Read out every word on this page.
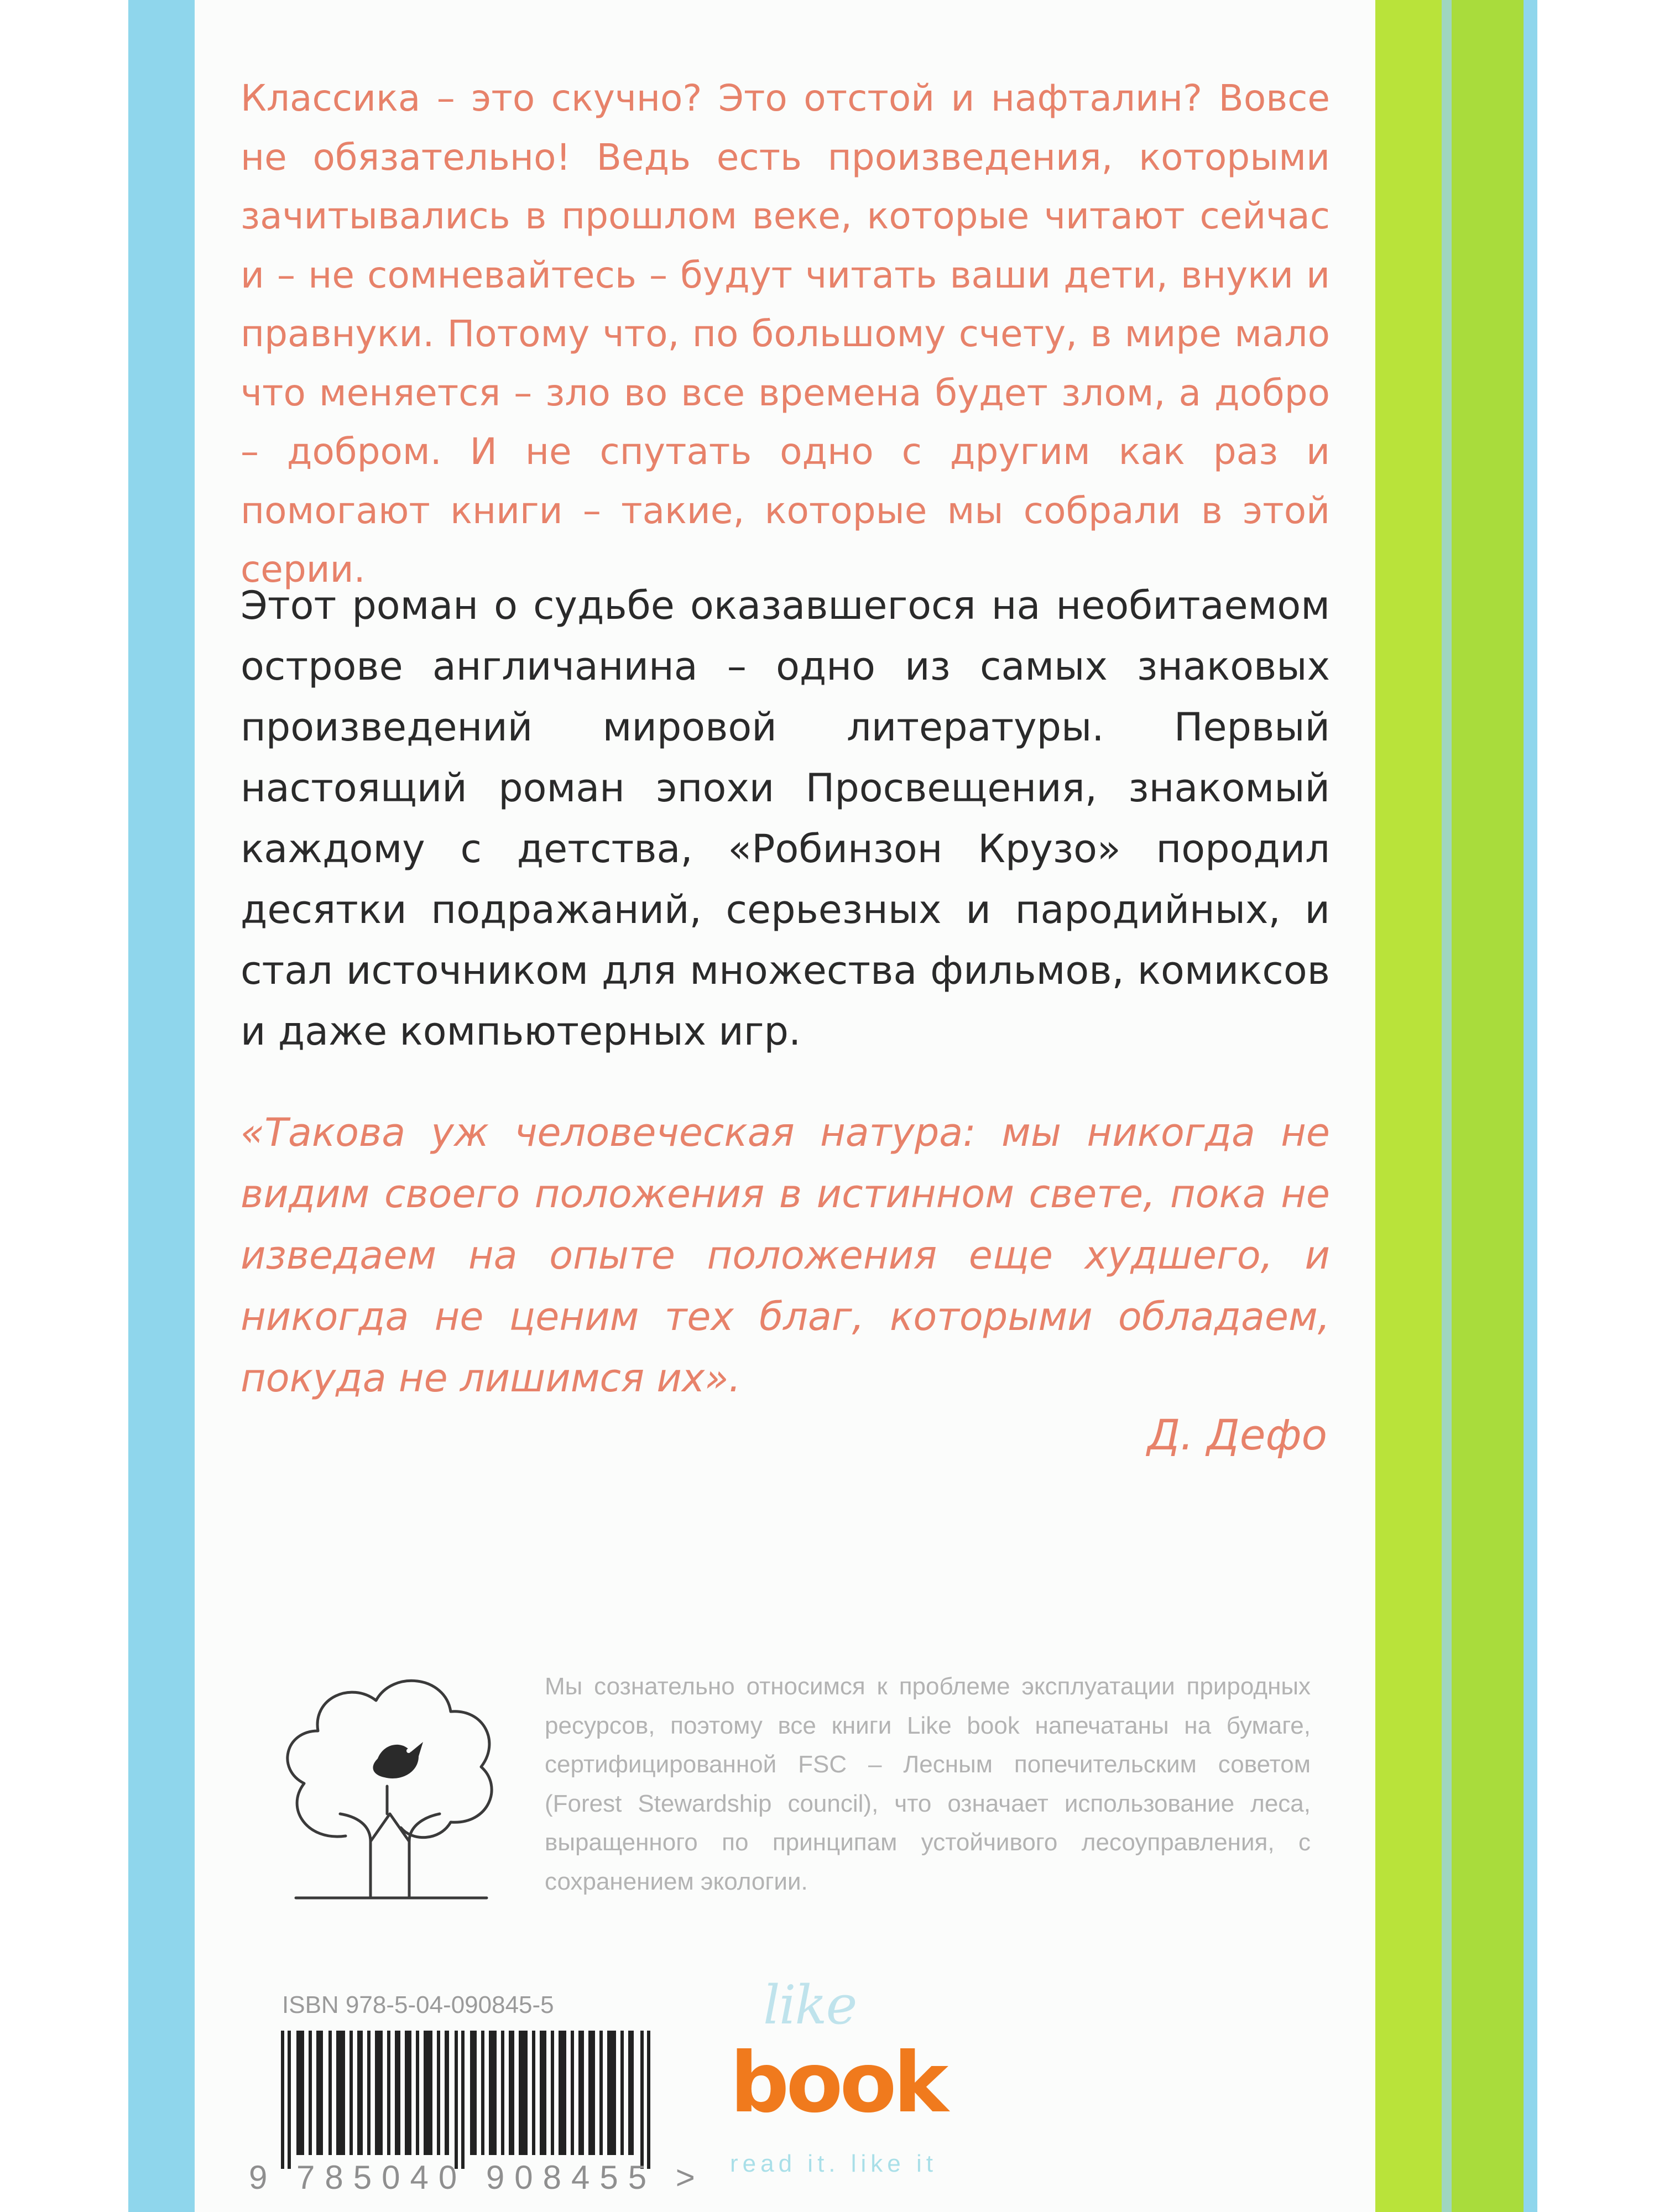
Классика – это скучно? Это отстой и нафталин? Вовсе не обязательно! Ведь есть произведения, которыми зачитывались в прошлом веке, которые читают сейчас и – не сомневайтесь – будут читать ваши дети, внуки и правнуки. Потому что, по большому счету, в мире мало что меняется – зло во все времена будет злом, а добро – добром. И не спутать одно с другим как раз и помогают книги – такие, которые мы собрали в этой серии.

Этот роман о судьбе оказавшегося на необитаемом острове англичанина – одно из самых знаковых произведений мировой литературы. Первый настоящий роман эпохи Просвещения, знакомый каждому с детства, «Робинзон Крузо» породил десятки подражаний, серьезных и пародийных, и стал источником для множества фильмов, комиксов и даже компьютерных игр.

«Такова уж человеческая натура: мы никогда не видим своего положения в истинном свете, пока не изведаем на опыте положения еще худшего, и никогда не ценим тех благ, которыми обладаем, покуда не лишимся их».

Д. Дефо

Мы сознательно относимся к проблеме эксплуатации природных ресурсов, поэтому все книги Like book напечатаны на бумаге, сертифицированной FSC – Лесным попечительским советом (Forest Stewardship council), что означает использование леса, выращенного по принципам устойчивого лесоуправления, с сохранением экологии.

ISBN 978-5-04-090845-5

9 785040 908455 >

like

book

read it. like it
